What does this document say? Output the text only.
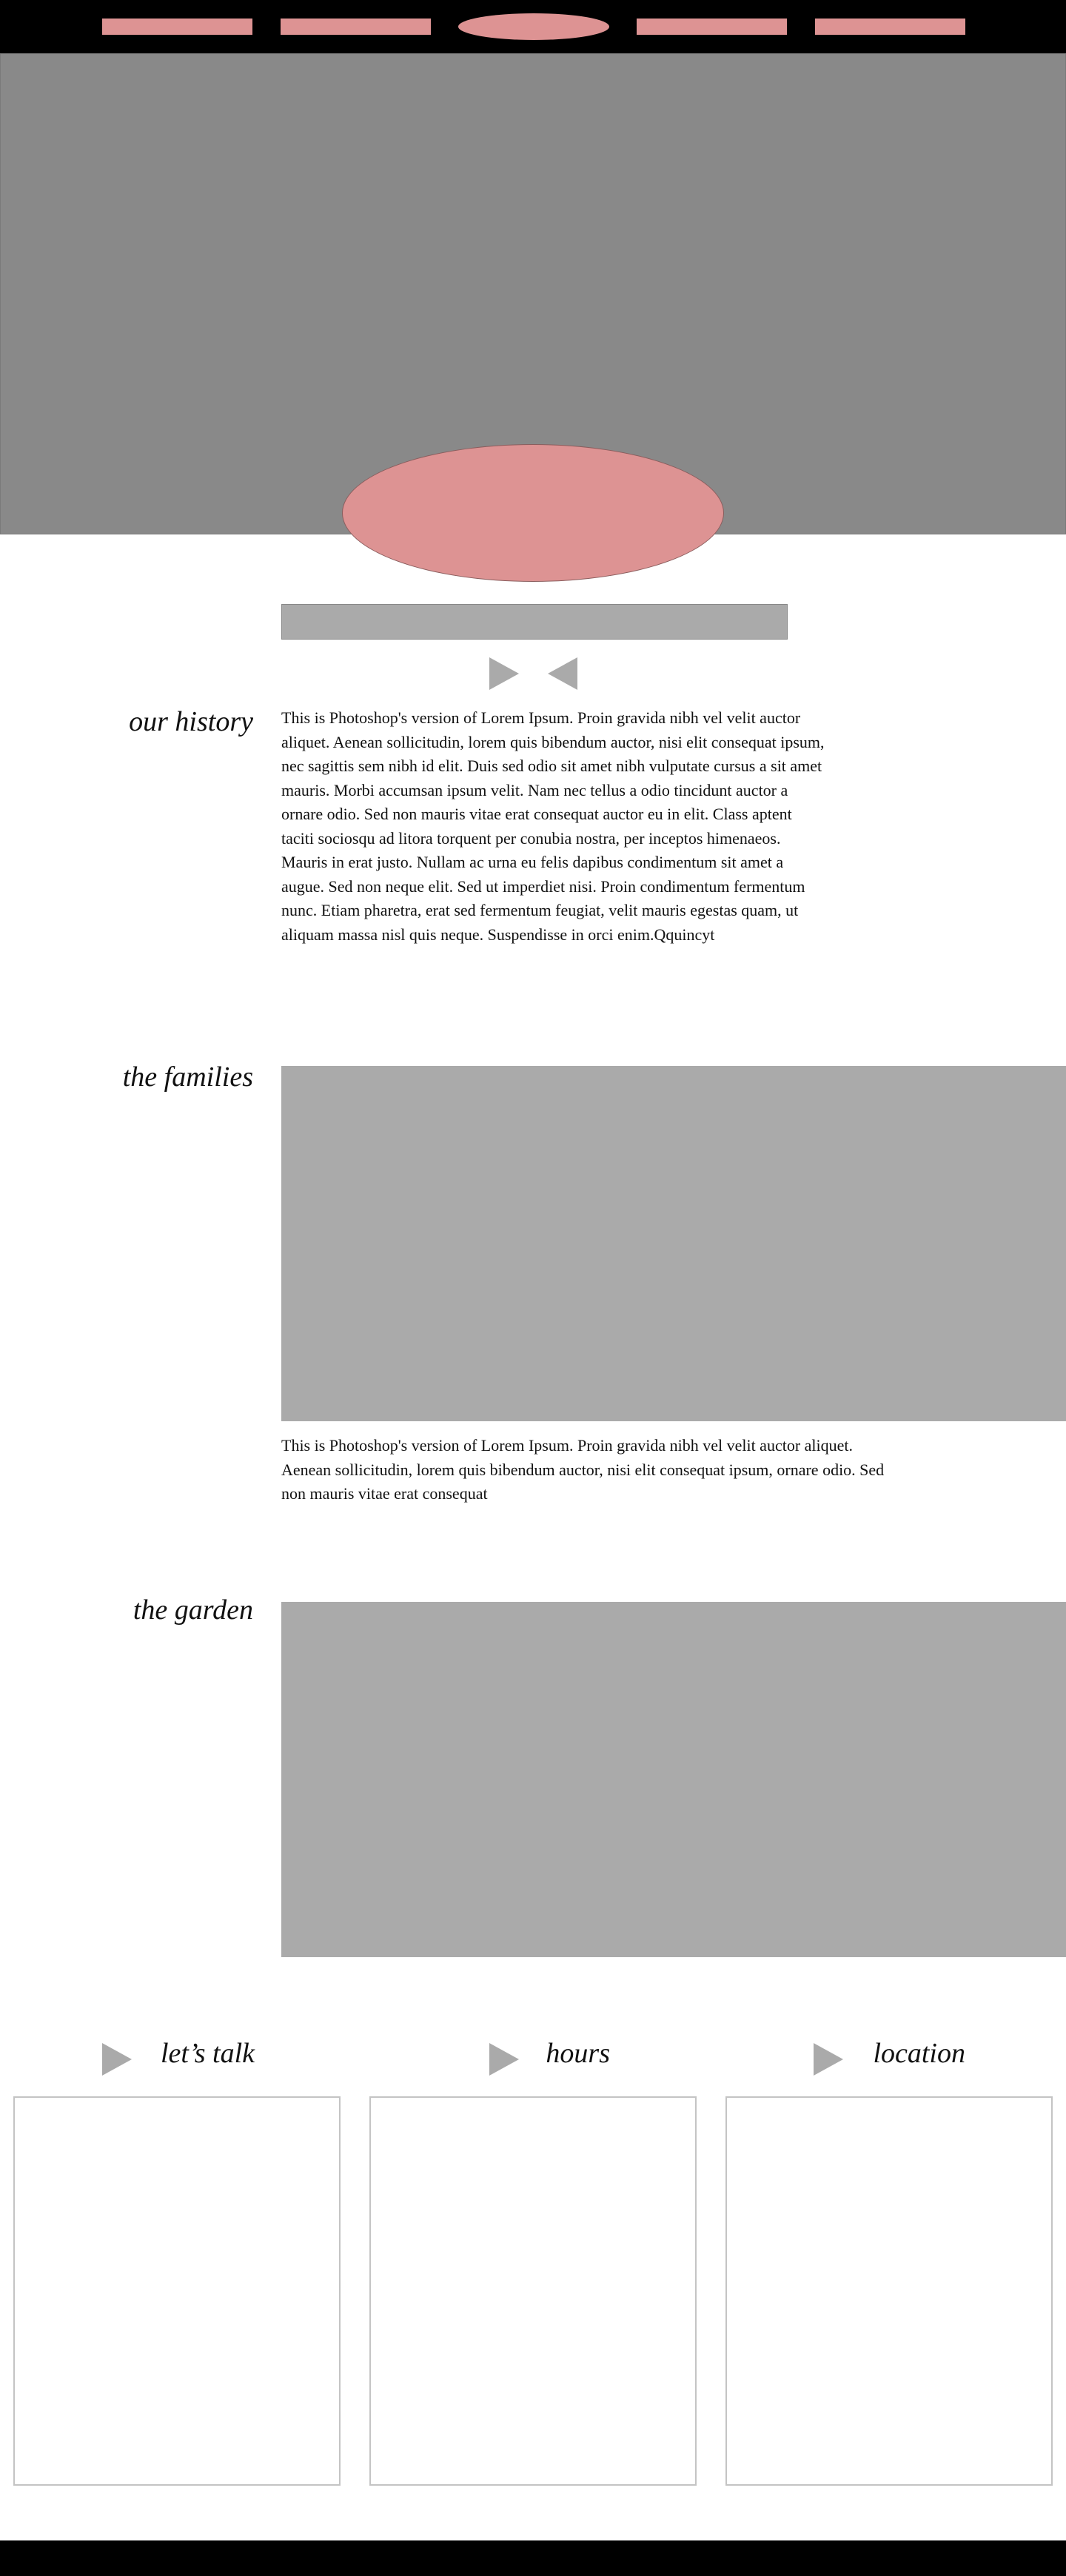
our history This is Photoshop's version of Lorem Ipsum. Proin gravida nibh vel velit auctor
aliquet. Aenean sollicitudin, lorem quis bibendum auctor, nisi elit consequat ipsum,
nec sagittis sem nibh id elit. Duis sed odio sit amet nibh vulputate cursus a sit amet
mauris. Morbi accumsan ipsum velit. Nam nec tellus a odio tincidunt auctor a
ornare odio. Sed non mauris vitae erat consequat auctor eu in elit. Class aptent
taciti sociosqu ad litora torquent per conubia nostra, per inceptos himenaeos.
Mauris in erat justo. Nullam ac urna eu felis dapibus condimentum sit amet a
augue. Sed non neque elit. Sed ut imperdiet nisi. Proin condimentum fermentum
nunc. Etiam pharetra, erat sed fermentum feugiat, velit mauris egestas quam, ut
aliquam massa nisl quis neque. Suspendisse in orci enim.Qquincyt
the families
This is Photoshop's version of Lorem Ipsum. Proin gravida nibh vel velit auctor aliquet.
Aenean sollicitudin, lorem quis bibendum auctor, nisi elit consequat ipsum, ornare odio. Sed
non mauris vitae erat consequat
the garden
let’s talk	hours	location
